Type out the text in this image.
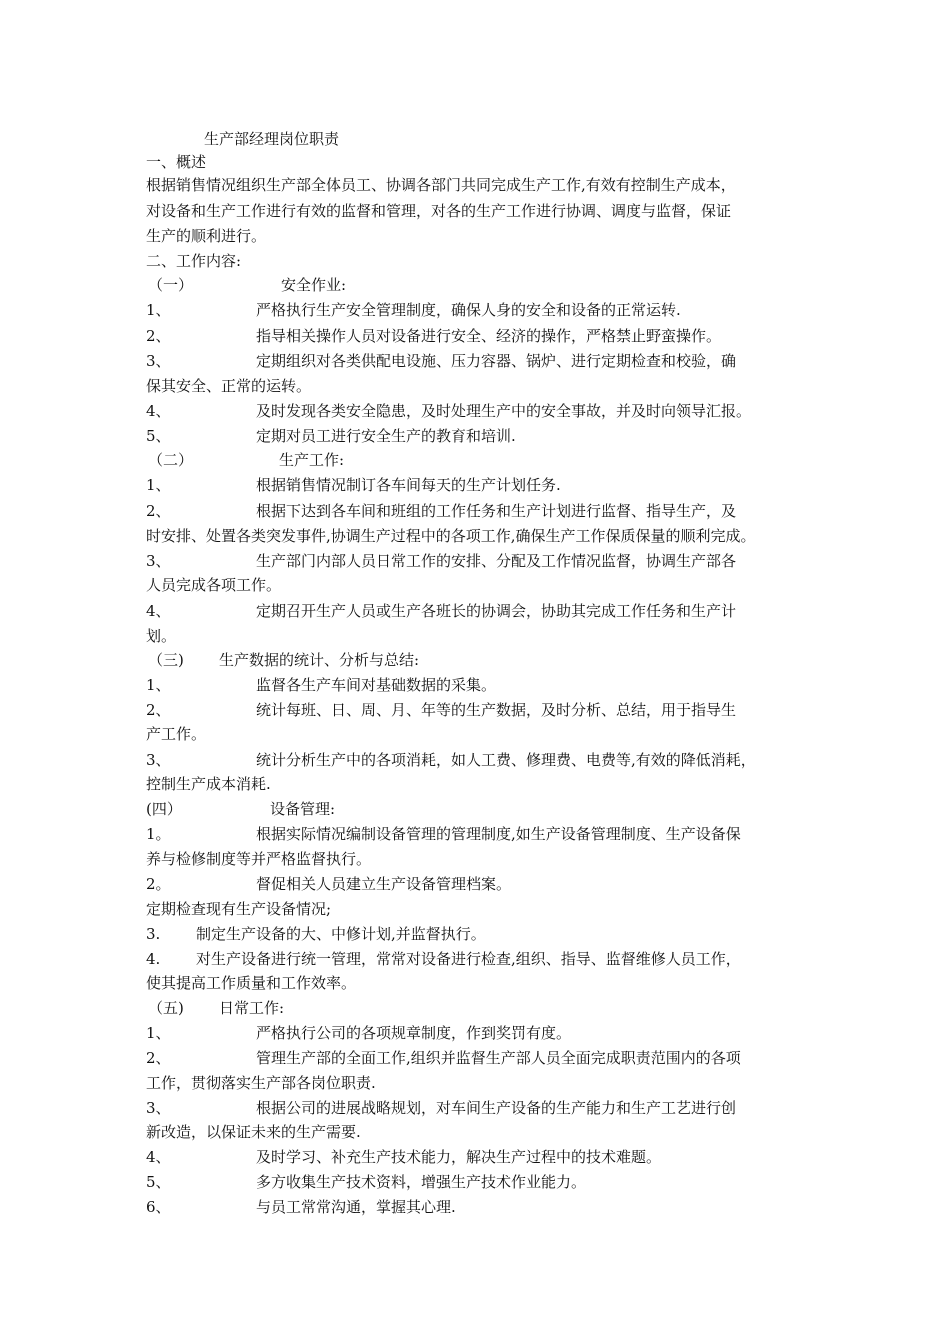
生产部经理岗位职责
一、概述
根据销售情况组织生产部全体员工、协调各部门共同完成生产工作,有效有控制生产成本，
对设备和生产工作进行有效的监督和管理，对各的生产工作进行协调、调度与监督，保证
生产的顺利进行。
二、工作内容:
（一）	安全作业:
1、	严格执行生产安全管理制度，确保人身的安全和设备的正常运转.
2、	指导相关操作人员对设备进行安全、经济的操作，严格禁止野蛮操作。
3、	定期组织对各类供配电设施、压力容器、锅炉、进行定期检查和校验，确
保其安全、正常的运转。
4、	及时发现各类安全隐患，及时处理生产中的安全事故，并及时向领导汇报。
5、	定期对员工进行安全生产的教育和培训.
（二）	生产工作:
1、	根据销售情况制订各车间每天的生产计划任务.
2、	根据下达到各车间和班组的工作任务和生产计划进行监督、指导生产，及
时安排、处置各类突发事件,协调生产过程中的各项工作,确保生产工作保质保量的顺利完成。
3、	生产部门内部人员日常工作的安排、分配及工作情况监督，协调生产部各
人员完成各项工作。
4、	定期召开生产人员或生产各班长的协调会，协助其完成工作任务和生产计
划。
（三) 生产数据的统计、分析与总结:
1、	监督各生产车间对基础数据的采集。
2、	统计每班、日、周、月、年等的生产数据，及时分析、总结，用于指导生
产工作。
3、	统计分析生产中的各项消耗，如人工费、修理费、电费等,有效的降低消耗，
控制生产成本消耗.
(四）	设备管理:
1。	根据实际情况编制设备管理的管理制度,如生产设备管理制度、生产设备保
养与检修制度等并严格监督执行。
2。	督促相关人员建立生产设备管理档案。
定期检查现有生产设备情况;
3. 制定生产设备的大、中修计划,并监督执行。
4. 对生产设备进行统一管理，常常对设备进行检查,组织、指导、监督维修人员工作，
使其提高工作质量和工作效率。
（五) 日常工作:
1、	严格执行公司的各项规章制度，作到奖罚有度。
2、	管理生产部的全面工作,组织并监督生产部人员全面完成职责范围内的各项
工作，贯彻落实生产部各岗位职责.
3、	根据公司的进展战略规划，对车间生产设备的生产能力和生产工艺进行创
新改造，以保证未来的生产需要.
4、	及时学习、补充生产技术能力，解决生产过程中的技术难题。
5、	多方收集生产技术资料，增强生产技术作业能力。
6、	与员工常常沟通，掌握其心理.
